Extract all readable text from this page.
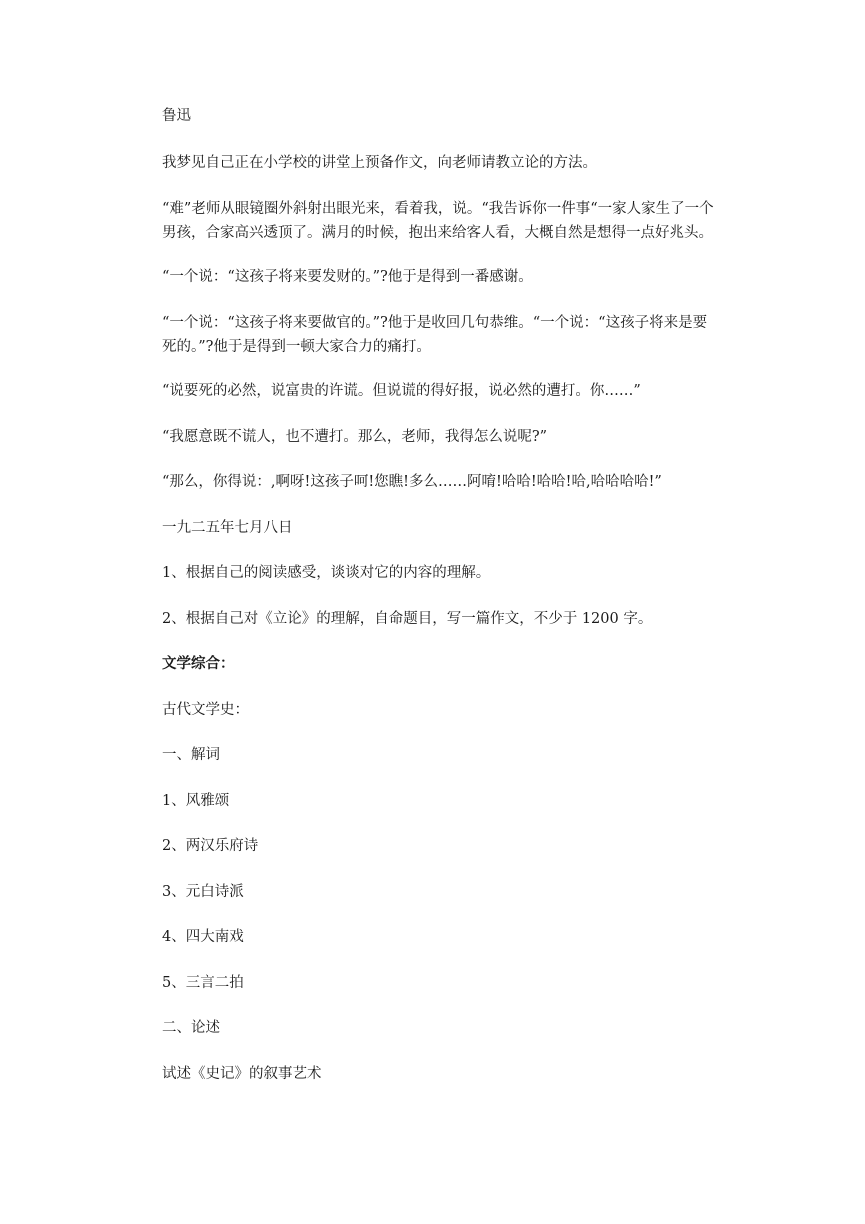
鲁迅
我梦见自己正在小学校的讲堂上预备作文，向老师请教立论的方法。
“难”老师从眼镜圈外斜射出眼光来，看着我，说。“我告诉你一件事“一家人家生了一个男孩，合家高兴透顶了。满月的时候，抱出来给客人看，大概自然是想得一点好兆头。
“一个说：“这孩子将来要发财的。”?他于是得到一番感谢。
“一个说：“这孩子将来要做官的。”?他于是收回几句恭维。“一个说：“这孩子将来是要死的。”?他于是得到一顿大家合力的痛打。
“说要死的必然，说富贵的许谎。但说谎的得好报，说必然的遭打。你……”
“我愿意既不谎人，也不遭打。那么，老师，我得怎么说呢?”
“那么，你得说：,啊呀!这孩子呵!您瞧!多么……阿唷!哈哈!哈哈!哈,哈哈哈哈!”
一九二五年七月八日
1、根据自己的阅读感受，谈谈对它的内容的理解。
2、根据自己对《立论》的理解，自命题目，写一篇作文，不少于 1200 字。
文学综合：
古代文学史：
一、解词
1、风雅颂
2、两汉乐府诗
3、元白诗派
4、四大南戏
5、三言二拍
二、论述
试述《史记》的叙事艺术
